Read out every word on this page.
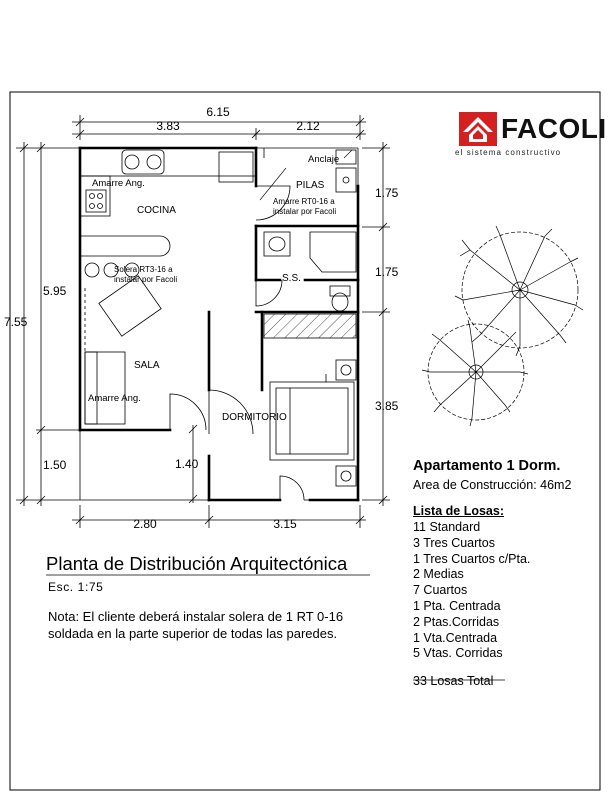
6.15
3.83	2.12
2.80	3.15
7.55
5.95
1.50	1.40
1.75
1.75
3.85
COCINA
PILAS
S.S.
SALA
DORMITORIO
Amarre Ang.
Amarre Ang.
Anclaje
Amarre RT0-16 a
instalar por Facoli
Solera RT3-16 a
instalar por Facoli
FACOLI
el sistema constructivo
Planta de Distribución Arquitectónica
Esc. 1:75
Nota: El cliente deberá instalar solera de 1 RT 0-16 soldada en la parte superior de todas las paredes.
Apartamento 1 Dorm.
Area de Construcción: 46m2
Lista de Losas:
11 Standard
3 Tres Cuartos
1 Tres Cuartos c/Pta.
2 Medias
7 Cuartos
1 Pta. Centrada
2 Ptas.Corridas
1 Vta.Centrada
5 Vtas. Corridas
33 Losas Total
